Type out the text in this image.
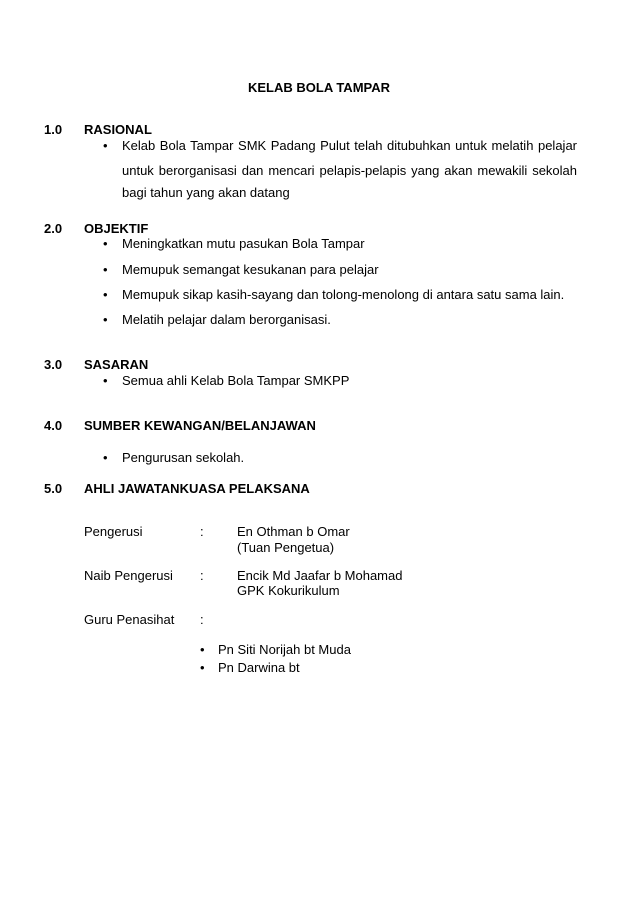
KELAB BOLA TAMPAR
1.0 RASIONAL
•	Kelab Bola Tampar SMK Padang Pulut telah ditubuhkan untuk melatih pelajar
untuk berorganisasi dan mencari pelapis-pelapis yang akan mewakili sekolah
bagi tahun yang akan datang
2.0 OBJEKTIF
•	Meningkatkan mutu pasukan Bola Tampar
•	Memupuk semangat kesukanan para pelajar
•	Memupuk sikap kasih-sayang dan tolong-menolong di antara satu sama lain.
•	Melatih pelajar dalam berorganisasi.
3.0 SASARAN
•	Semua ahli Kelab Bola Tampar SMKPP
4.0 SUMBER KEWANGAN/BELANJAWAN
•	Pengurusan sekolah.
5.0 AHLI JAWATANKUASA PELAKSANA
Pengerusi	:	En Othman b Omar
(Tuan Pengetua)
Naib Pengerusi :	Encik Md Jaafar b Mohamad
GPK Kokurikulum
Guru Penasihat :
• Pn Siti Norijah bt Muda
• Pn Darwina bt
